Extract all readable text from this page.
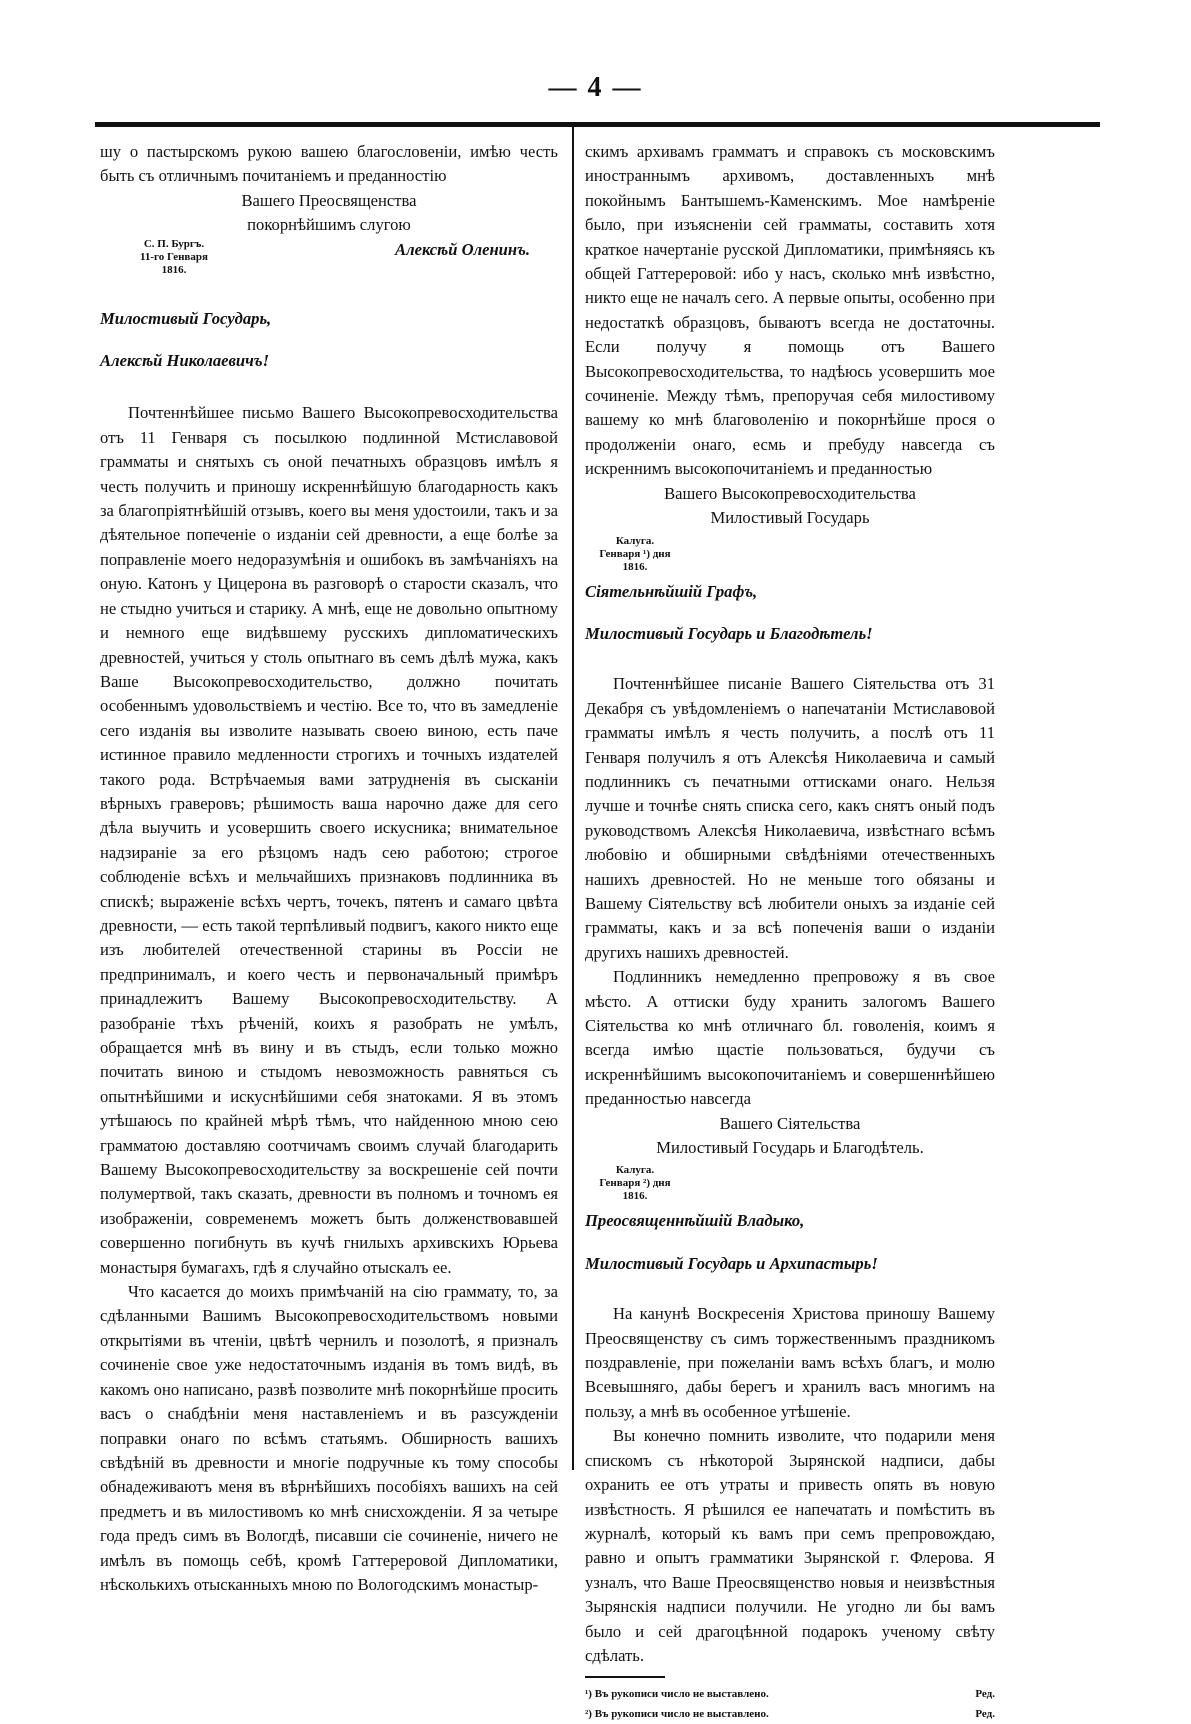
— 4 —

шу о пастырскомъ рукою вашею благословеніи, имѣю честь быть съ отличнымъ почитаніемъ и преданностію

Вашего Преосвященства
покорнѣйшимъ слугою
С. П. Бургъ.
11-го Генваря
1816.
Алексѣй Оленинъ.

Милостивый Государь,

Алексѣй Николаевичъ!

Почтеннѣйшее письмо Вашего Высокопревосходительства отъ 11 Генваря съ посылкою подлинной Мстиславовой грамматы и снятыхъ съ оной печатныхъ образцовъ имѣлъ я честь получить и приношу искреннѣйшую благодарность какъ за благопріятнѣйшій отзывъ, коего вы меня удостоили, такъ и за дѣятельное попеченіе о изданіи сей древности, а еще болѣе за поправленіе моего недоразумѣнія и ошибокъ въ замѣчаніяхъ на оную. Катонъ у Цицерона въ разговорѣ о старости сказалъ, что не стыдно учиться и старику. А мнѣ, еще не довольно опытному и немного еще видѣвшему русскихъ дипломатическихъ древностей, учиться у столь опытнаго въ семъ дѣлѣ мужа, какъ Ваше Высокопревосходительство, должно почитать особеннымъ удовольствіемъ и честію. Все то, что въ замедленіе сего изданія вы изволите называть своею виною, есть паче истинное правило медленности строгихъ и точныхъ издателей такого рода. Встрѣчаемыя вами затрудненія въ сысканіи вѣрныхъ граверовъ; рѣшимость ваша нарочно даже для сего дѣла выучить и усовершить своего искусника; внимательное надзираніе за его рѣзцомъ надъ сею работою; строгое соблюденіе всѣхъ и мельчайшихъ признаковъ подлинника въ спискѣ; выраженіе всѣхъ чертъ, точекъ, пятенъ и самаго цвѣта древности, — есть такой терпѣливый подвигъ, какого никто еще изъ любителей отечественной старины въ Россіи не предпринималъ, и коего честь и первоначальный примѣръ принадлежитъ Вашему Высокопревосходительству. А разобраніе тѣхъ рѣченій, коихъ я разобрать не умѣлъ, обращается мнѣ въ вину и въ стыдъ, если только можно почитать виною и стыдомъ невозможность равняться съ опытнѣйшими и искуснѣйшими себя знатоками. Я въ этомъ утѣшаюсь по крайней мѣрѣ тѣмъ, что найденною мною сею грамматою доставляю соотчичамъ своимъ случай благодарить Вашему Высокопревосходительству за воскрешеніе сей почти полумертвой, такъ сказать, древности въ полномъ и точномъ ея изображеніи, современемъ можетъ быть долженствовавшей совершенно погибнуть въ кучѣ гнилыхъ архивскихъ Юрьева монастыря бумагахъ, гдѣ я случайно отыскалъ ее.

Что касается до моихъ примѣчаній на сію граммату, то, за сдѣланными Вашимъ Высокопревосходительствомъ новыми открытіями въ чтеніи, цвѣтѣ чернилъ и позолотѣ, я призналъ сочиненіе свое уже недостаточнымъ изданія въ томъ видѣ, въ какомъ оно написано, развѣ позволите мнѣ покорнѣйше просить васъ о снабдѣніи меня наставленіемъ и въ разсужденіи поправки онаго по всѣмъ статьямъ. Обширность вашихъ свѣдѣній въ древности и многіе подручные къ тому способы обнадеживаютъ меня въ вѣрнѣйшихъ пособіяхъ вашихъ на сей предметъ и въ милостивомъ ко мнѣ снисхожденіи. Я за четыре года предъ симъ въ Вологдѣ, писавши сіе сочиненіе, ничего не имѣлъ въ помощь себѣ, кромѣ Гаттереровой Дипломатики, нѣсколькихъ отысканныхъ мною по Вологодскимъ монастыр-

скимъ архивамъ грамматъ и справокъ съ московскимъ иностраннымъ архивомъ, доставленныхъ мнѣ покойнымъ Бантышемъ-Каменскимъ. Мое намѣреніе было, при изъясненіи сей грамматы, составить хотя краткое начертаніе русской Дипломатики, примѣняясь къ общей Гаттереровой: ибо у насъ, сколько мнѣ извѣстно, никто еще не началъ сего. А первые опыты, особенно при недостаткѣ образцовъ, бываютъ всегда не достаточны. Если получу я помощь отъ Вашего Высокопревосходительства, то надѣюсь усовершить мое сочиненіе. Между тѣмъ, препоручая себя милостивому вашему ко мнѣ благоволенію и покорнѣйше прося о продолженіи онаго, есмь и пребуду навсегда съ искреннимъ высокопочитаніемъ и преданностью

Вашего Высокопревосходительства
Милостивый Государь
Калуга.
Генваря ¹) дня
1816.

Сіятельнѣйшій Графъ,

Милостивый Государь и Благодѣтель!

Почтеннѣйшее писаніе Вашего Сіятельства отъ 31 Декабря съ увѣдомленіемъ о напечатаніи Мстиславовой грамматы имѣлъ я честь получить, а послѣ отъ 11 Генваря получилъ я отъ Алексѣя Николаевича и самый подлинникъ съ печатными оттисками онаго. Нельзя лучше и точнѣе снять списка сего, какъ снятъ оный подъ руководствомъ Алексѣя Николаевича, извѣстнаго всѣмъ любовію и обширными свѣдѣніями отечественныхъ нашихъ древностей. Но не меньше того обязаны и Вашему Сіятельству всѣ любители оныхъ за изданіе сей грамматы, какъ и за всѣ попеченія ваши о изданіи другихъ нашихъ древностей.

Подлинникъ немедленно препровожу я въ свое мѣсто. А оттиски буду хранить залогомъ Вашего Сіятельства ко мнѣ отличнаго бл. говоленія, коимъ я всегда имѣю щастіе пользоваться, будучи съ искреннѣйшимъ высокопочитаніемъ и совершеннѣйшею преданностью навсегда

Вашего Сіятельства
Милостивый Государь и Благодѣтель.
Калуга.
Генваря ²) дня
1816.

Преосвященнѣйшій Владыко,

Милостивый Государь и Архипастырь!

На канунѣ Воскресенія Христова приношу Вашему Преосвященству съ симъ торжественнымъ праздникомъ поздравленіе, при пожеланіи вамъ всѣхъ благъ, и молю Всевышняго, дабы берегъ и хранилъ васъ многимъ на пользу, а мнѣ въ особенное утѣшеніе.

Вы конечно помнить изволите, что подарили меня спискомъ съ нѣкоторой Зырянской надписи, дабы охранить ее отъ утраты и привесть опять въ новую извѣстность. Я рѣшился ее напечатать и помѣстить въ журналѣ, который къ вамъ при семъ препровождаю, равно и опытъ грамматики Зырянской г. Флерова. Я узналъ, что Ваше Преосвященство новыя и неизвѣстныя Зырянскія надписи получили. Не угодно ли бы вамъ было и сей драгоцѣнной подарокъ ученому свѣту сдѣлать.

¹) Въ рукописи число не выставлено.	Ред.
²) Въ рукописи число не выставлено.	Ред.
